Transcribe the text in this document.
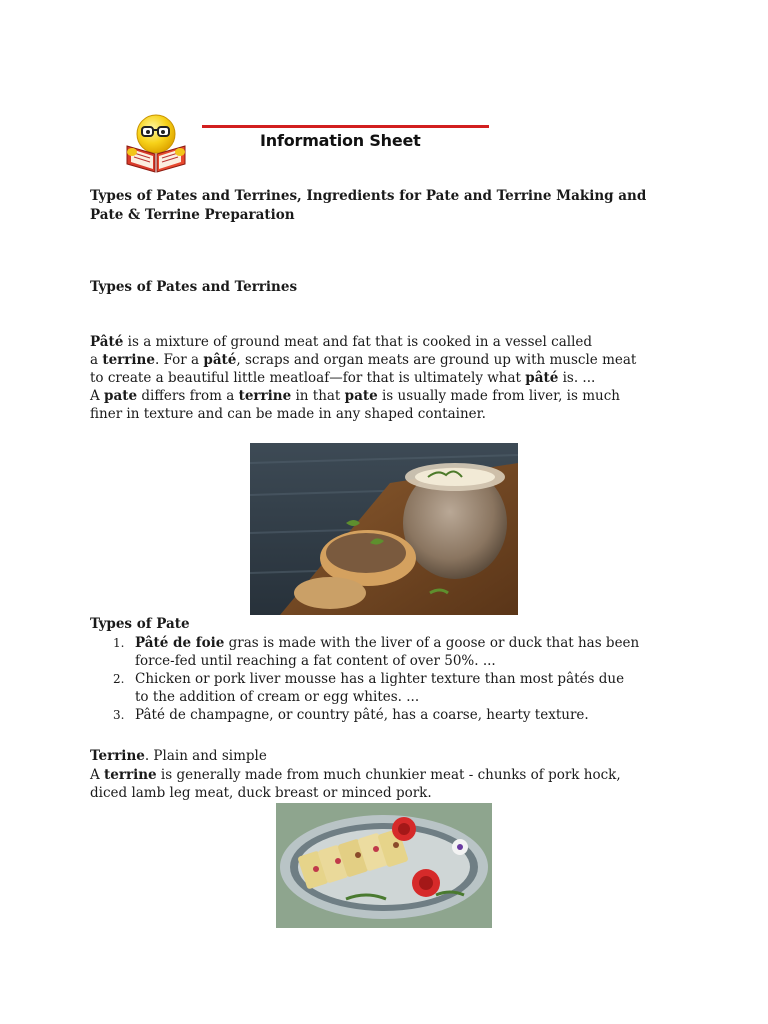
Information Sheet
Types of Pates and Terrines, Ingredients for Pate and Terrine Making and
Pate & Terrine Preparation
Types of Pates and Terrines
Pâté is a mixture of ground meat and fat that is cooked in a vessel called
a terrine. For a pâté, scraps and organ meats are ground up with muscle meat
to create a beautiful little meatloaf—for that is ultimately what pâté is. ...
A pate differs from a terrine in that pate is usually made from liver, is much
finer in texture and can be made in any shaped container.
Types of Pate
1. Pâté de foie gras is made with the liver of a goose or duck that has been
force-fed until reaching a fat content of over 50%. ...
2. Chicken or pork liver mousse has a lighter texture than most pâtés due
to the addition of cream or egg whites. ...
3. Pâté de champagne, or country pâté, has a coarse, hearty texture.
Terrine. Plain and simple
A terrine is generally made from much chunkier meat - chunks of pork hock,
diced lamb leg meat, duck breast or minced pork.
